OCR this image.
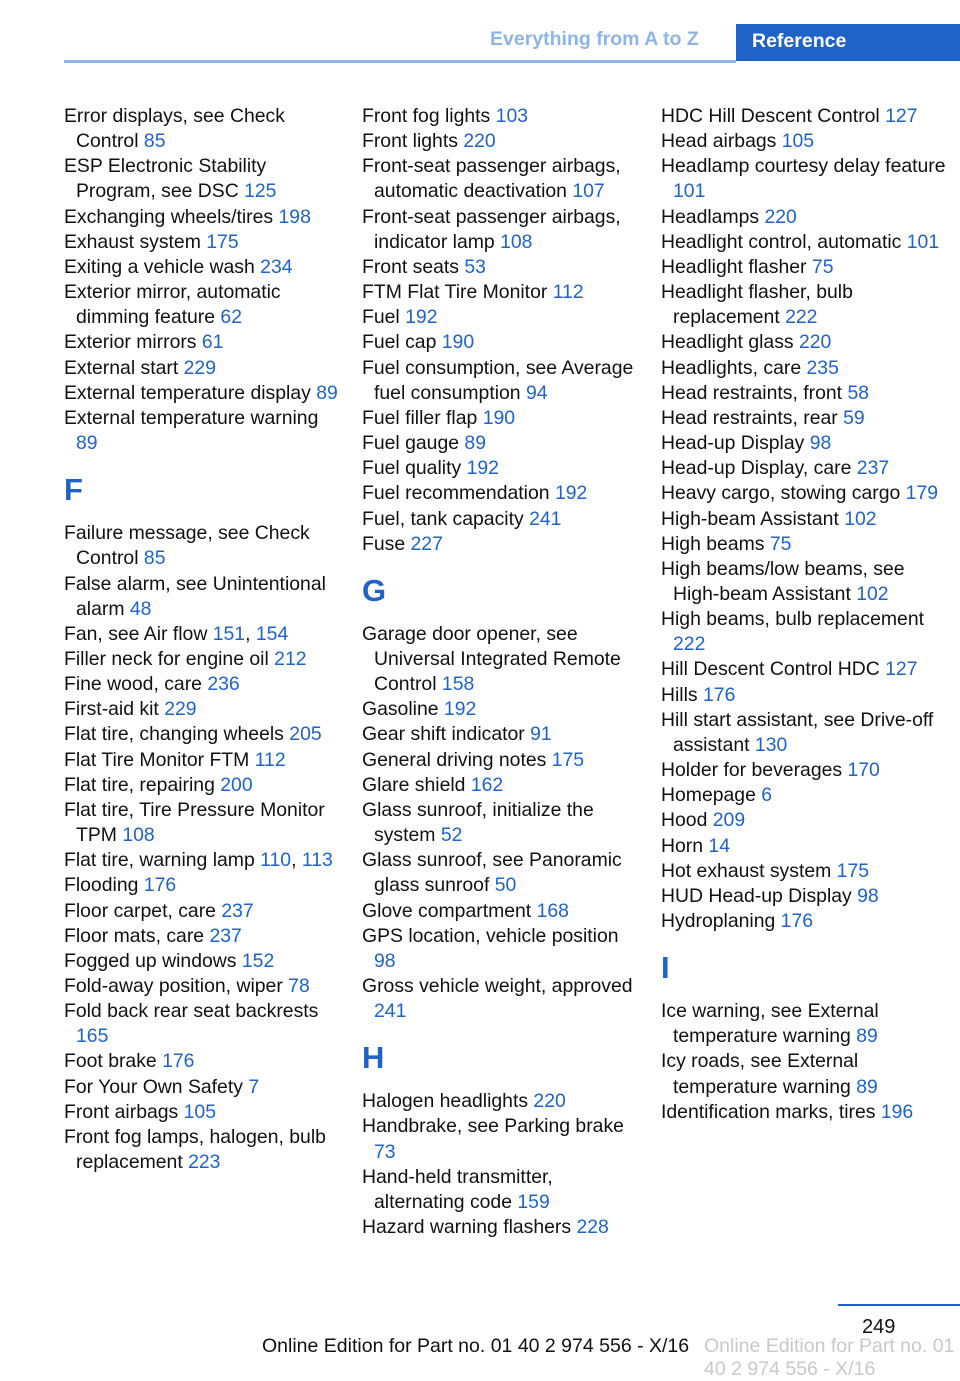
Everything from A to Z	Reference
Error displays, see Check Control 85
ESP Electronic Stability Program, see DSC 125
Exchanging wheels/tires 198
Exhaust system 175
Exiting a vehicle wash 234
Exterior mirror, automatic dimming feature 62
Exterior mirrors 61
External start 229
External temperature display 89
External temperature warning 89
F
Failure message, see Check Control 85
False alarm, see Unintentional alarm 48
Fan, see Air flow 151, 154
Filler neck for engine oil 212
Fine wood, care 236
First-aid kit 229
Flat tire, changing wheels 205
Flat Tire Monitor FTM 112
Flat tire, repairing 200
Flat tire, Tire Pressure Monitor TPM 108
Flat tire, warning lamp 110, 113
Flooding 176
Floor carpet, care 237
Floor mats, care 237
Fogged up windows 152
Fold-away position, wiper 78
Fold back rear seat backrests 165
Foot brake 176
For Your Own Safety 7
Front airbags 105
Front fog lamps, halogen, bulb replacement 223
Front fog lights 103
Front lights 220
Front-seat passenger airbags, automatic deactivation 107
Front-seat passenger airbags, indicator lamp 108
Front seats 53
FTM Flat Tire Monitor 112
Fuel 192
Fuel cap 190
Fuel consumption, see Average fuel consumption 94
Fuel filler flap 190
Fuel gauge 89
Fuel quality 192
Fuel recommendation 192
Fuel, tank capacity 241
Fuse 227
G
Garage door opener, see Universal Integrated Remote Control 158
Gasoline 192
Gear shift indicator 91
General driving notes 175
Glare shield 162
Glass sunroof, initialize the system 52
Glass sunroof, see Panoramic glass sunroof 50
Glove compartment 168
GPS location, vehicle position 98
Gross vehicle weight, approved 241
H
Halogen headlights 220
Handbrake, see Parking brake 73
Hand-held transmitter, alternating code 159
Hazard warning flashers 228
HDC Hill Descent Control 127
Head airbags 105
Headlamp courtesy delay feature 101
Headlamps 220
Headlight control, automatic 101
Headlight flasher 75
Headlight flasher, bulb replacement 222
Headlight glass 220
Headlights, care 235
Head restraints, front 58
Head restraints, rear 59
Head-up Display 98
Head-up Display, care 237
Heavy cargo, stowing cargo 179
High-beam Assistant 102
High beams 75
High beams/low beams, see High-beam Assistant 102
High beams, bulb replacement 222
Hill Descent Control HDC 127
Hills 176
Hill start assistant, see Drive-off assistant 130
Holder for beverages 170
Homepage 6
Hood 209
Horn 14
Hot exhaust system 175
HUD Head-up Display 98
Hydroplaning 176
I
Ice warning, see External temperature warning 89
Icy roads, see External temperature warning 89
Identification marks, tires 196
249
Online Edition for Part no. 01 40 2 974 556 - X/16 Online Edition for Part no. 01 40 2 974 556 - X/16
